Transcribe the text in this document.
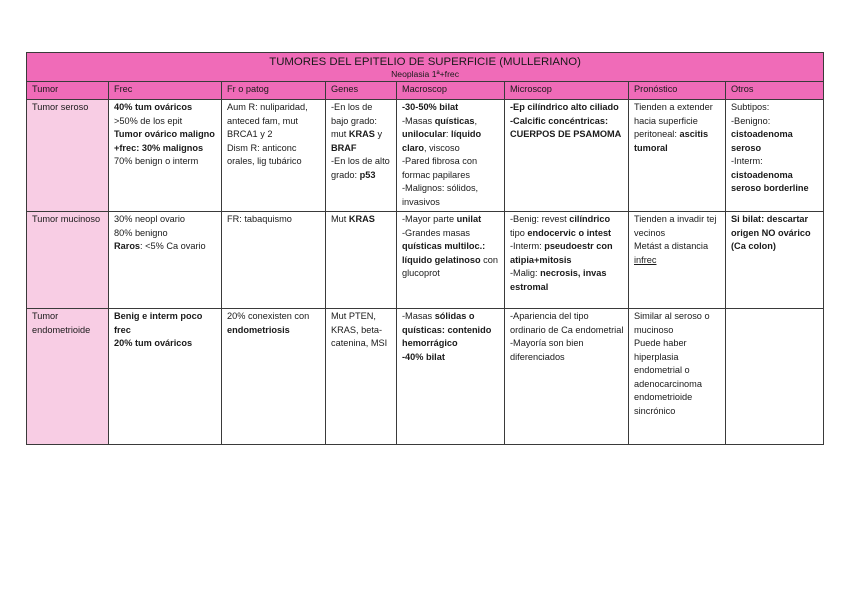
TUMORES DEL EPITELIO DE SUPERFICIE (MULLERIANO)
Neoplasia 1ª+frec							

Tumor	Frec	Fr o patog	Genes	Macroscop	Microscop	Pronóstico	Otros

Tumor seroso	40% tum ováricos
>50% de los epit
Tumor ovárico maligno +frec: 30% malignos
70% benign o interm	Aum R: nuliparidad, anteced fam, mut BRCA1 y 2
Dism R: anticonc orales, lig tubárico	-En los de bajo grado: mut KRAS y BRAF
-En los de alto grado: p53	-30-50% bilat
-Masas quísticas, unilocular: líquido claro, viscoso
-Pared fibrosa con formac papilares
-Malignos: sólidos, invasivos	-Ep cilíndrico alto ciliado
-Calcific concéntricas: CUERPOS DE PSAMOMA	Tienden a extender hacia superficie peritoneal: ascitis tumoral	Subtipos:
-Benigno: cistoadenoma seroso
-Interm: cistoadenoma seroso borderline

Tumor mucinoso	30% neopl ovario
80% benigno
Raros: <5% Ca ovario	FR: tabaquismo	Mut KRAS	-Mayor parte unilat
-Grandes masas quísticas multiloc.: líquido gelatinoso con glucoprot	-Benig: revest cilíndrico tipo endocervic o intest
-Interm: pseudoestr con atipia+mitosis
-Malig: necrosis, invas estromal	Tienden a invadir tej vecinos
Metást a distancia infrec	Si bilat: descartar origen NO ovárico (Ca colon)

Tumor endometrioide	Benig e interm poco frec
20% tum ováricos	20% conexisten con endometriosis	Mut PTEN, KRAS, beta-catenina, MSI	-Masas sólidas o quísticas: contenido hemorrágico
-40% bilat	-Apariencia del tipo ordinario de Ca endometrial
-Mayoría son bien diferenciados	Similar al seroso o mucinoso
Puede haber hiperplasia endometrial o adenocarcinoma endometrioide sincrónico	
